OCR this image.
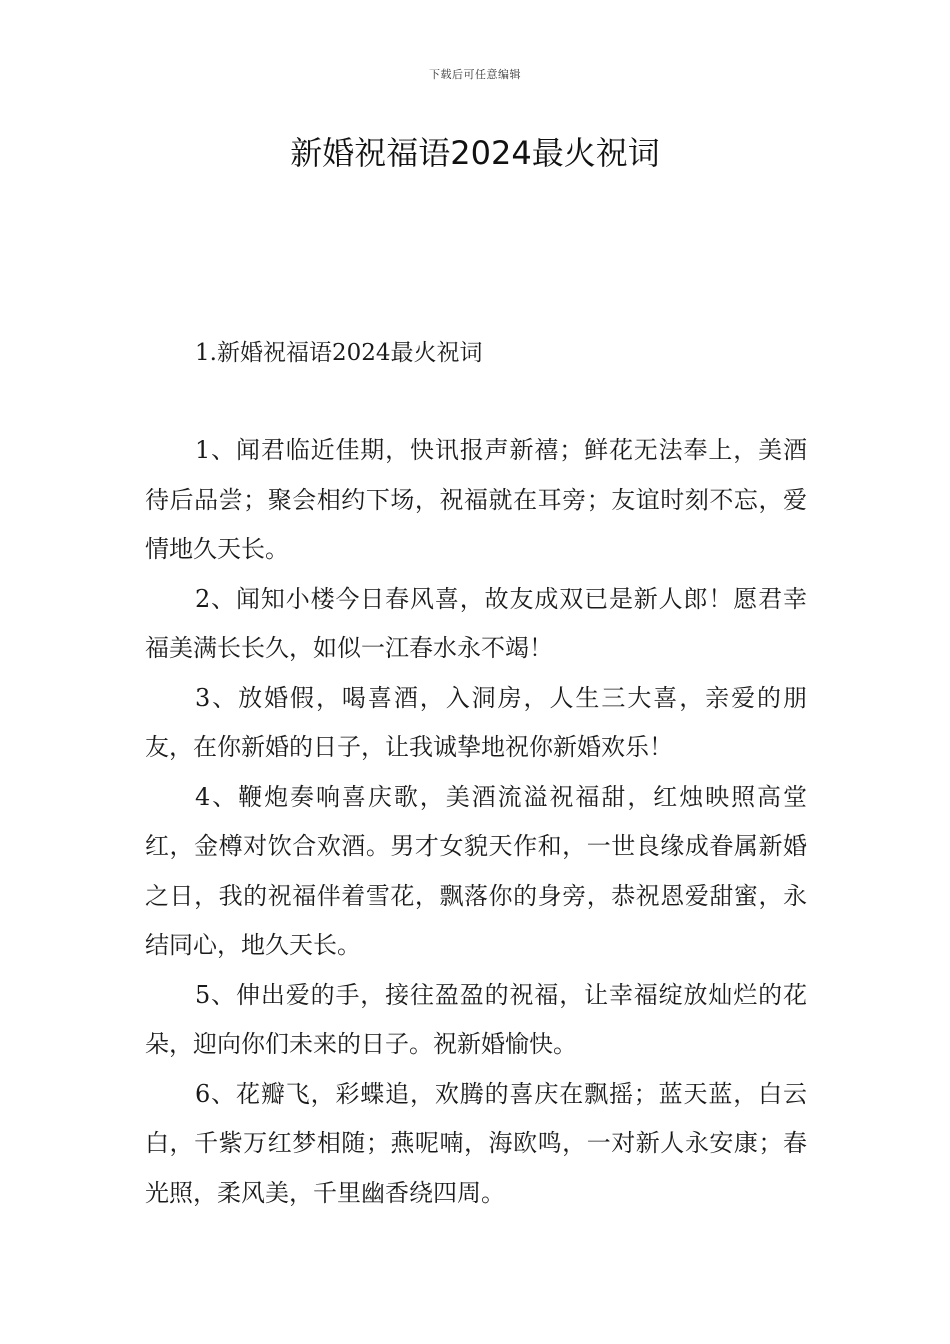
下载后可任意编辑
新婚祝福语2024最火祝词
1.新婚祝福语2024最火祝词

1、闻君临近佳期，快讯报声新禧；鲜花无法奉上，美酒待后品尝；聚会相约下场，祝福就在耳旁；友谊时刻不忘，爱情地久天长。

2、闻知小楼今日春风喜，故友成双已是新人郎！愿君幸福美满长长久，如似一江春水永不竭！

3、放婚假，喝喜酒，入洞房，人生三大喜，亲爱的朋友，在你新婚的日子，让我诚挚地祝你新婚欢乐！

4、鞭炮奏响喜庆歌，美酒流溢祝福甜，红烛映照高堂红，金樽对饮合欢酒。男才女貌天作和，一世良缘成眷属新婚之日，我的祝福伴着雪花，飘落你的身旁，恭祝恩爱甜蜜，永结同心，地久天长。

5、伸出爱的手，接往盈盈的祝福，让幸福绽放灿烂的花朵，迎向你们未来的日子。祝新婚愉快。

6、花瓣飞，彩蝶追，欢腾的喜庆在飘摇；蓝天蓝，白云白，千紫万红梦相随；燕呢喃，海欧鸣，一对新人永安康；春光照，柔风美，千里幽香绕四周。
